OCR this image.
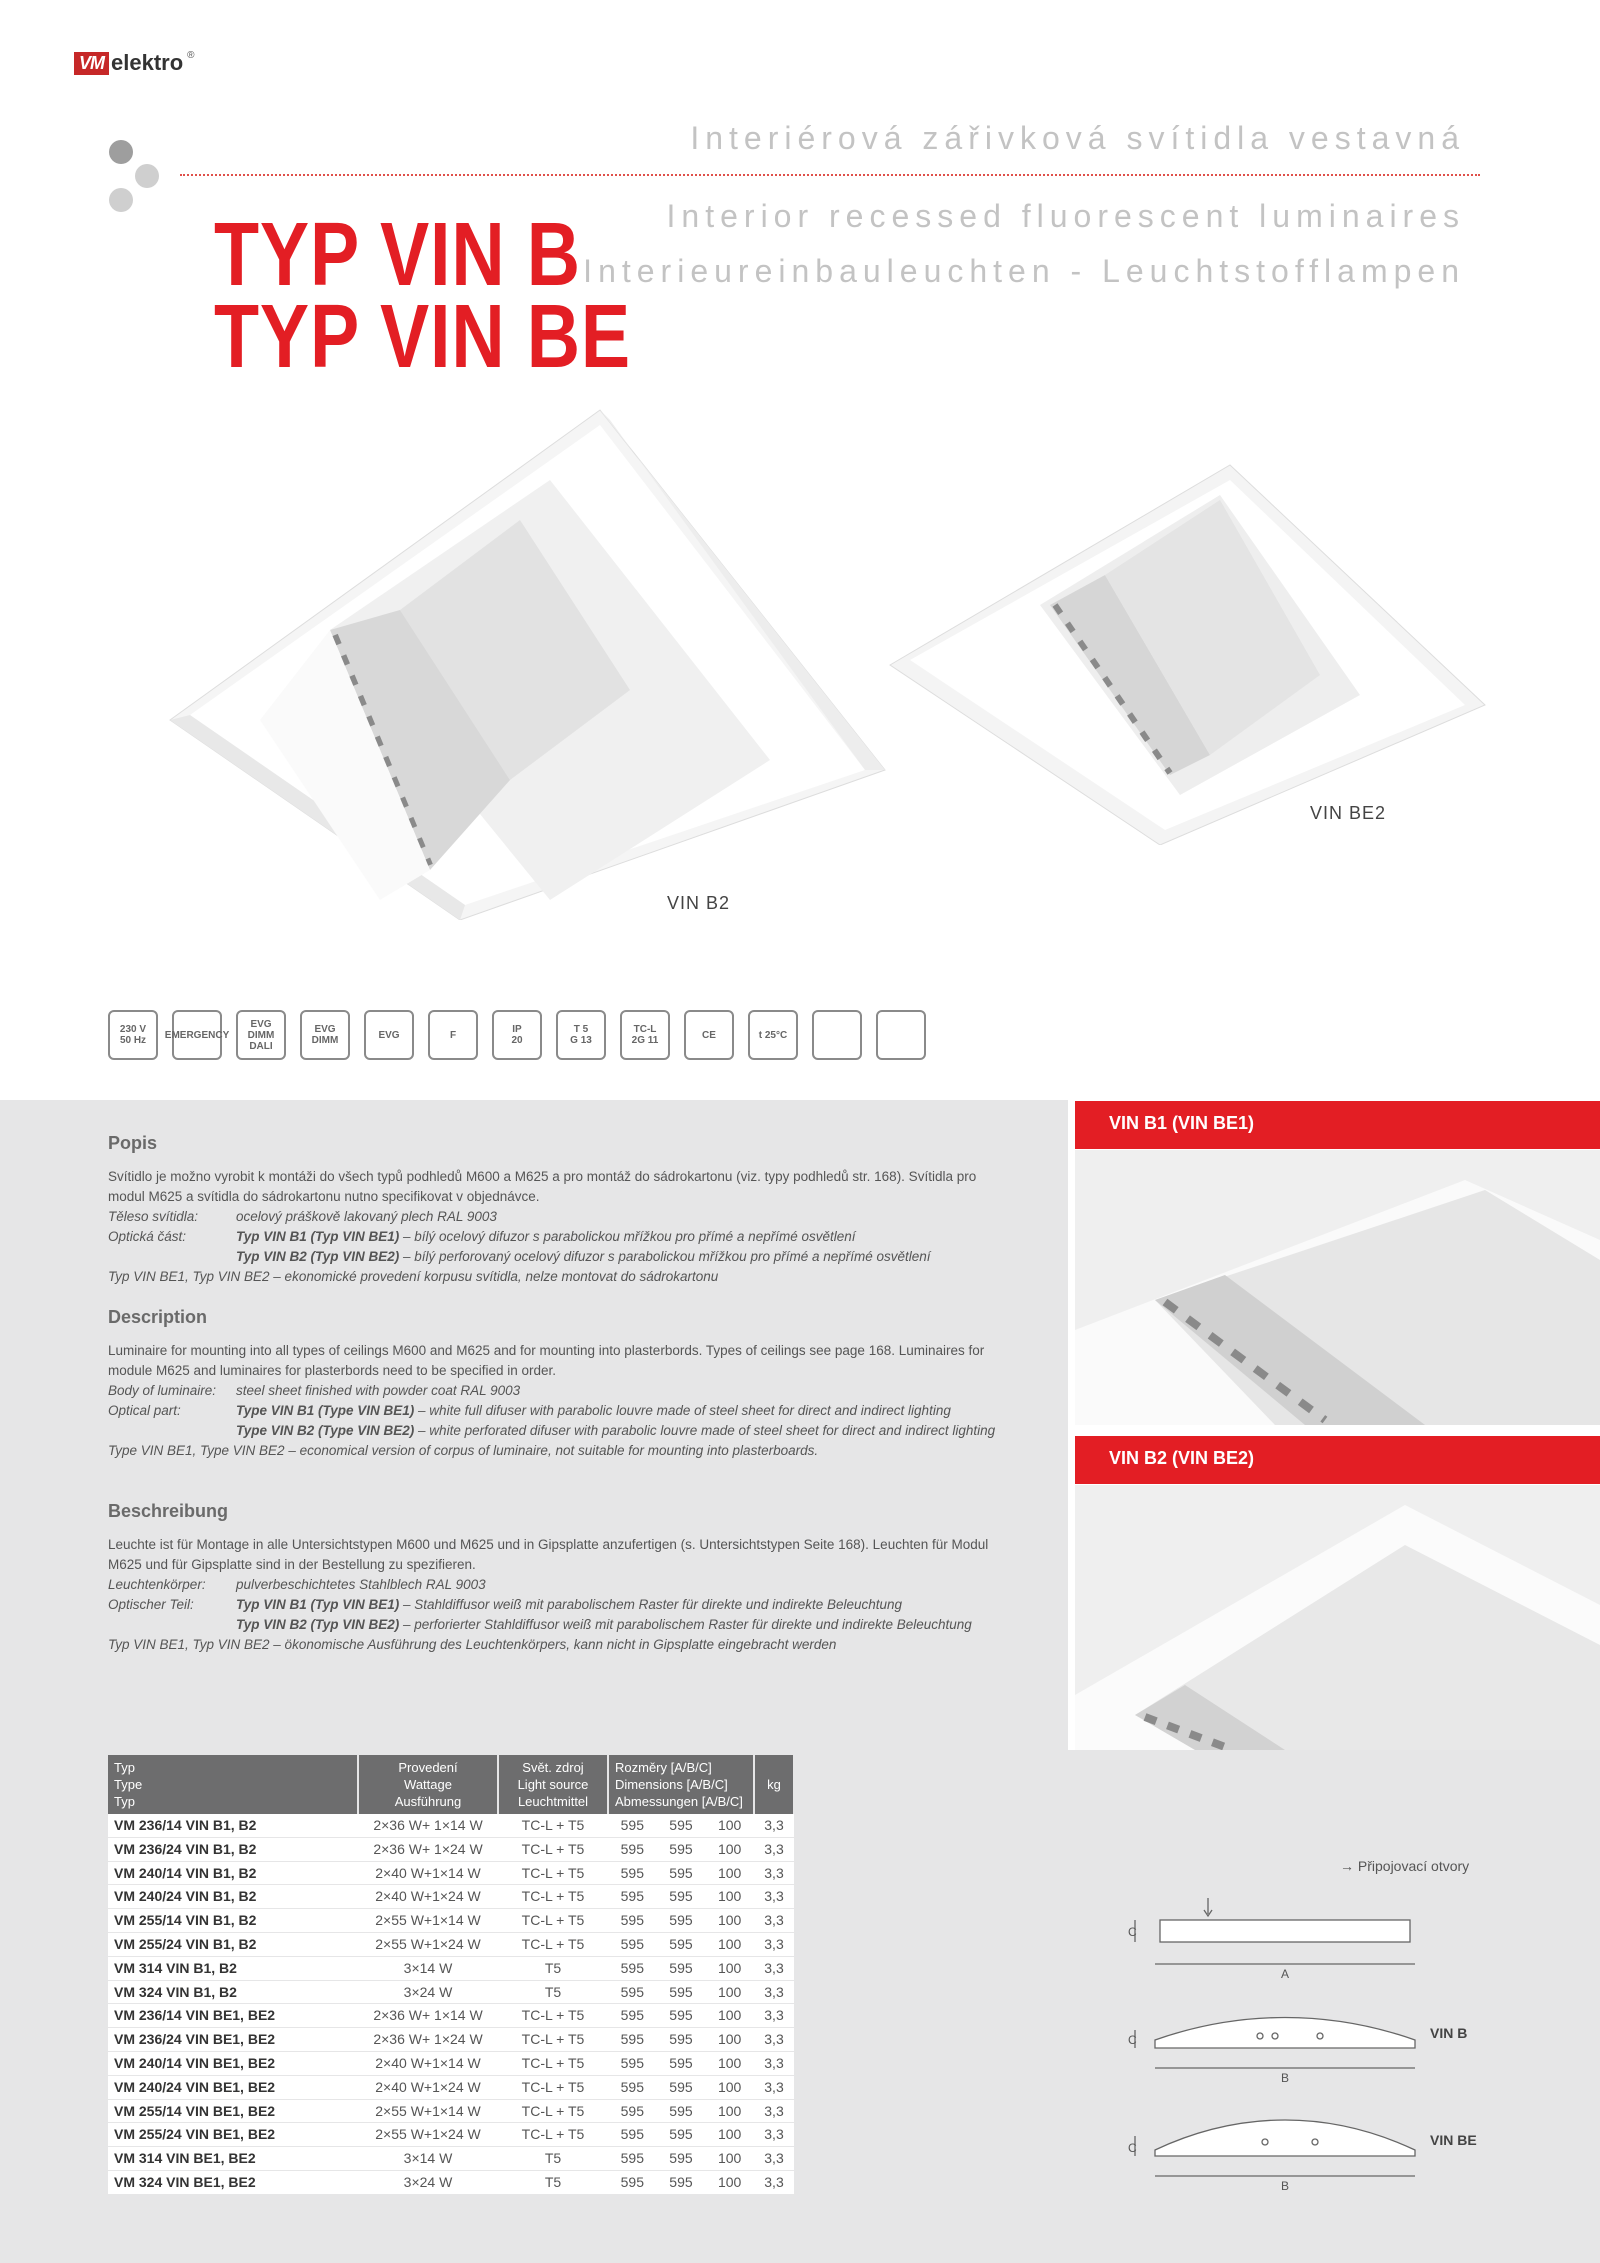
VM elektro ®
Interiérová zářivková svítidla vestavná
Interior recessed fluorescent luminaires
Interieureinbauleuchten - Leuchtstofflampen
TYP VIN B
TYP VIN BE
VIN B2
VIN BE2
230 V
50 Hz EMERGENCY
EVG DIMM
DALI
EVG DIMM	EVG	F	IP
20
T 5
G 13
TC-L
2G 11	CE	t 25°C
Popis

Svítidlo je možno vyrobit k montáži do všech typů podhledů M600 a M625 a pro montáž do sádrokartonu (viz. typy podhledů str. 168). Svítidla pro modul M625 a svítidla do sádrokartonu nutno specifikovat v objednávce.

Těleso svítidla:	ocelový práškově lakovaný plech RAL 9003
Optická část:	Typ VIN B1 (Typ VIN BE1) – bílý ocelový difuzor s parabolickou mřížkou pro přímé a nepřímé osvětlení
Typ VIN B2 (Typ VIN BE2) – bílý perforovaný ocelový difuzor s parabolickou mřížkou pro přímé a nepřímé osvětlení

Typ VIN BE1, Typ VIN BE2 – ekonomické provedení korpusu svítidla, nelze montovat do sádrokartonu

Description

Luminaire for mounting into all types of ceilings M600 and M625 and for mounting into plasterbords. Types of ceilings see page 168. Luminaires for module M625 and luminaires for plasterbords need to be specified in order.

Body of luminaire:	steel sheet finished with powder coat RAL 9003
Optical part:	Type VIN B1 (Type VIN BE1) – white full difuser with parabolic louvre made of steel sheet for direct and indirect lighting
Type VIN B2 (Type VIN BE2) – white perforated difuser with parabolic louvre made of steel sheet for direct and indirect lighting

Type VIN BE1, Type VIN BE2 – economical version of corpus of luminaire, not suitable for mounting into plasterboards.

Beschreibung

Leuchte ist für Montage in alle Untersichtstypen M600 und M625 und in Gipsplatte anzufertigen (s. Untersichtstypen Seite 168). Leuchten für Modul M625 und für Gipsplatte sind in der Bestellung zu spezifieren.

Leuchtenkörper:	pulverbeschichtetes Stahlblech RAL 9003
Optischer Teil:	Typ VIN B1 (Typ VIN BE1) – Stahldiffusor weiß mit parabolischem Raster für direkte und indirekte Beleuchtung
Typ VIN B2 (Typ VIN BE2) – perforierter Stahldiffusor weiß mit parabolischem Raster für direkte und indirekte Beleuchtung

Typ VIN BE1, Typ VIN BE2 – ökonomische Ausführung des Leuchtenkörpers, kann nicht in Gipsplatte eingebracht werden

VIN B1 (VIN BE1)
VIN B2 (VIN BE2)
Typ
Type
Typ	Provedení
Wattage
Ausführung	Svět. zdroj
Light source
Leuchtmittel	Rozměry [A/B/C]
Dimensions [A/B/C]
Abmessungen [A/B/C]			kg
VM 236/14 VIN B1, B2	2×36 W+ 1×14 W	TC-L + T5	595	595	100	3,3
VM 236/24 VIN B1, B2	2×36 W+ 1×24 W	TC-L + T5	595	595	100	3,3
VM 240/14 VIN B1, B2	2×40 W+1×14 W	TC-L + T5	595	595	100	3,3
VM 240/24 VIN B1, B2	2×40 W+1×24 W	TC-L + T5	595	595	100	3,3
VM 255/14 VIN B1, B2	2×55 W+1×14 W	TC-L + T5	595	595	100	3,3
VM 255/24 VIN B1, B2	2×55 W+1×24 W	TC-L + T5	595	595	100	3,3
VM 314 VIN B1, B2	3×14 W	T5	595	595	100	3,3
VM 324 VIN B1, B2	3×24 W	T5	595	595	100	3,3
VM 236/14 VIN BE1, BE2	2×36 W+ 1×14 W	TC-L + T5	595	595	100	3,3
VM 236/24 VIN BE1, BE2	2×36 W+ 1×24 W	TC-L + T5	595	595	100	3,3
VM 240/14 VIN BE1, BE2	2×40 W+1×14 W	TC-L + T5	595	595	100	3,3
VM 240/24 VIN BE1, BE2	2×40 W+1×24 W	TC-L + T5	595	595	100	3,3
VM 255/14 VIN BE1, BE2	2×55 W+1×14 W	TC-L + T5	595	595	100	3,3
VM 255/24 VIN BE1, BE2	2×55 W+1×24 W	TC-L + T5	595	595	100	3,3
VM 314 VIN BE1, BE2	3×14 W	T5	595	595	100	3,3
VM 324 VIN BE1, BE2	3×24 W	T5	595	595	100	3,3
→ Připojovací otvory
A
B
B
C
C
C
VIN B
VIN BE
